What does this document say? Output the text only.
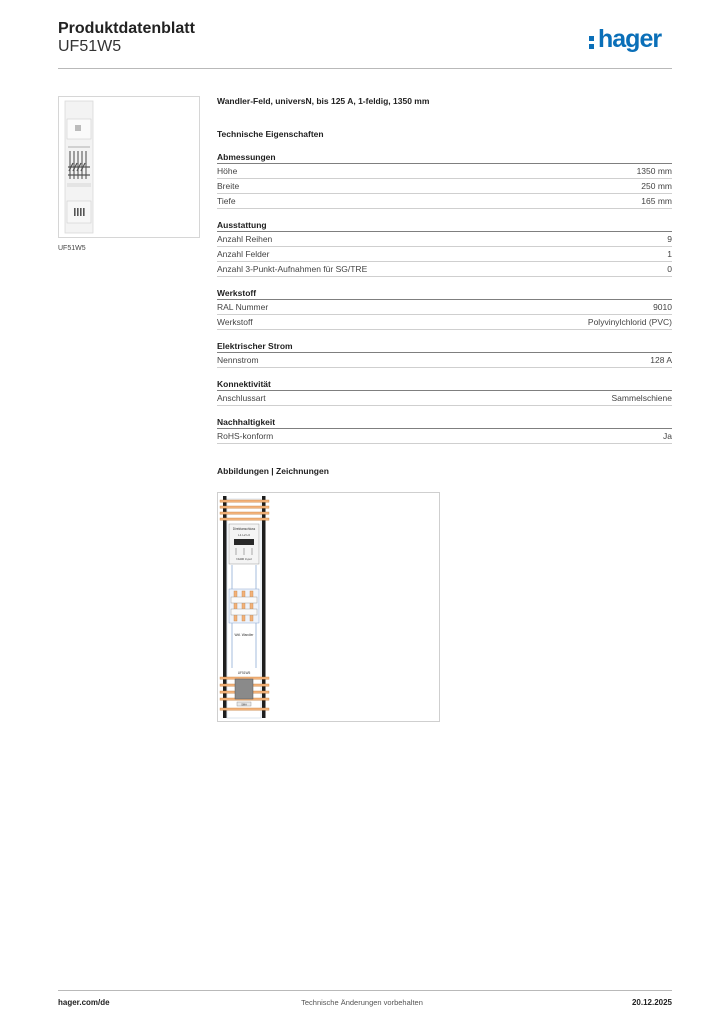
Produktdatenblatt
UF51W5	hager
UF51W5
Wandler-Feld, universN, bis 125 A, 1-feldig, 1350 mm
Technische Eigenschaften
Abmessungen
Höhe	1350 mm
Breite	250 mm
Tiefe	165 mm
Ausstattung
Anzahl Reihen	9
Anzahl Felder	1
Anzahl 3-Punkt-Aufnahmen für SG/TRE	0
Werkstoff
RAL Nummer	9010
Werkstoff	Polyvinylchlorid (PVC)
Elektrischer Strom
Nennstrom	128 A
Konnektivität
Anschlussart	Sammelschiene
Nachhaltigkeit
RoHS-konform	Ja
Abbildungen | Zeichnungen
Direktanschluss
L1 L2 L3
NH00 3-pol
Wdl. Wandler
UF51W5
SMA
hager.com/de	Technische Änderungen vorbehalten	20.12.2025
